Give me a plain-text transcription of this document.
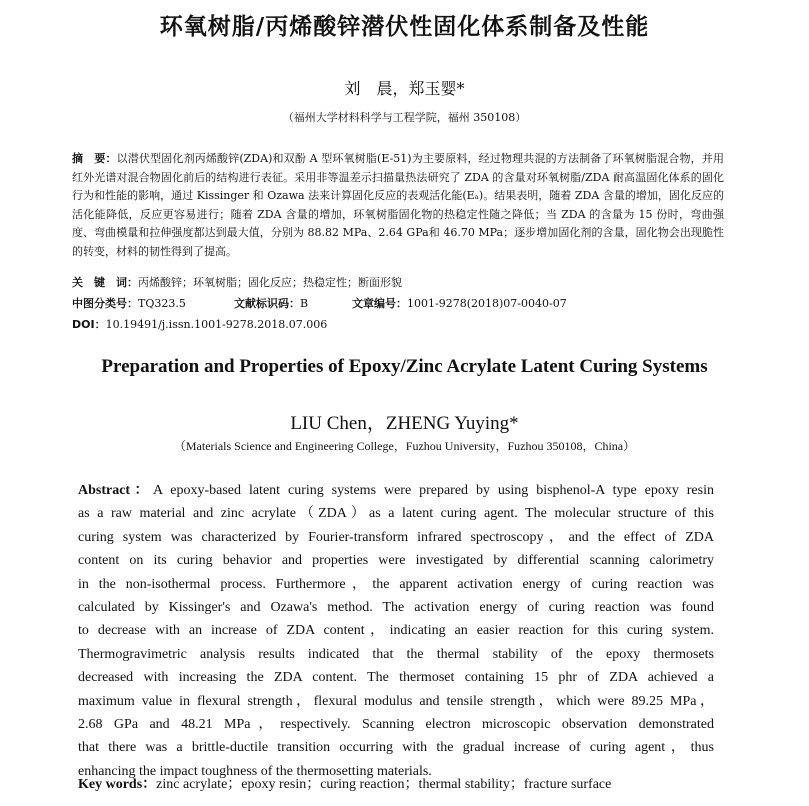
环氧树脂/丙烯酸锌潜伏性固化体系制备及性能
刘　晨，郑玉婴*
（福州大学材料科学与工程学院，福州 350108）
摘　要：以潜伏型固化剂丙烯酸锌(ZDA)和双酚 A 型环氧树脂(E-51)为主要原料，经过物理共混的方法制备了环氧树脂混合物，并用红外光谱对混合物固化前后的结构进行表征。采用非等温差示扫描量热法研究了 ZDA 的含量对环氧树脂/ZDA 耐高温固化体系的固化行为和性能的影响，通过 Kissinger 和 Ozawa 法来计算固化反应的表观活化能(Eₐ)。结果表明，随着 ZDA 含量的增加，固化反应的活化能降低，反应更容易进行；随着 ZDA 含量的增加，环氧树脂固化物的热稳定性随之降低；当 ZDA 的含量为 15 份时，弯曲强度、弯曲模量和拉伸强度都达到最大值，分别为 88.82 MPa、2.64 GPa和 46.70 MPa；逐步增加固化剂的含量，固化物会出现脆性的转变，材料的韧性得到了提高。
关　键　词：丙烯酸锌；环氧树脂；固化反应；热稳定性；断面形貌
中图分类号：TQ323.5	文献标识码：B	文章编号：1001-9278(2018)07-0040-07
DOI：10.19491/j.issn.1001-9278.2018.07.006
Preparation and Properties of Epoxy/Zinc Acrylate Latent Curing Systems
LIU Chen，ZHENG Yuying*
（Materials Science and Engineering College，Fuzhou University，Fuzhou 350108，China）
Abstract：A epoxy-based latent curing systems were prepared by using bisphenol-A type epoxy resin
as a raw material and zinc acrylate（ZDA）as a latent curing agent. The molecular structure of this
curing system was characterized by Fourier-transform infrared spectroscopy，and the effect of ZDA
content on its curing behavior and properties were investigated by differential scanning calorimetry
in the non-isothermal process. Furthermore，the apparent activation energy of curing reaction was
calculated by Kissinger's and Ozawa's method. The activation energy of curing reaction was found
to decrease with an increase of ZDA content，indicating an easier reaction for this curing system.
Thermogravimetric analysis results indicated that the thermal stability of the epoxy thermosets
decreased with increasing the ZDA content. The thermoset containing 15 phr of ZDA achieved a
maximum value in flexural strength，flexural modulus and tensile strength，which were 89.25 MPa，
2.68 GPa and 48.21 MPa，respectively. Scanning electron microscopic observation demonstrated
that there was a brittle-ductile transition occurring with the gradual increase of curing agent，thus
enhancing the impact toughness of the thermosetting materials.
Key words：zinc acrylate；epoxy resin；curing reaction；thermal stability；fracture surface
